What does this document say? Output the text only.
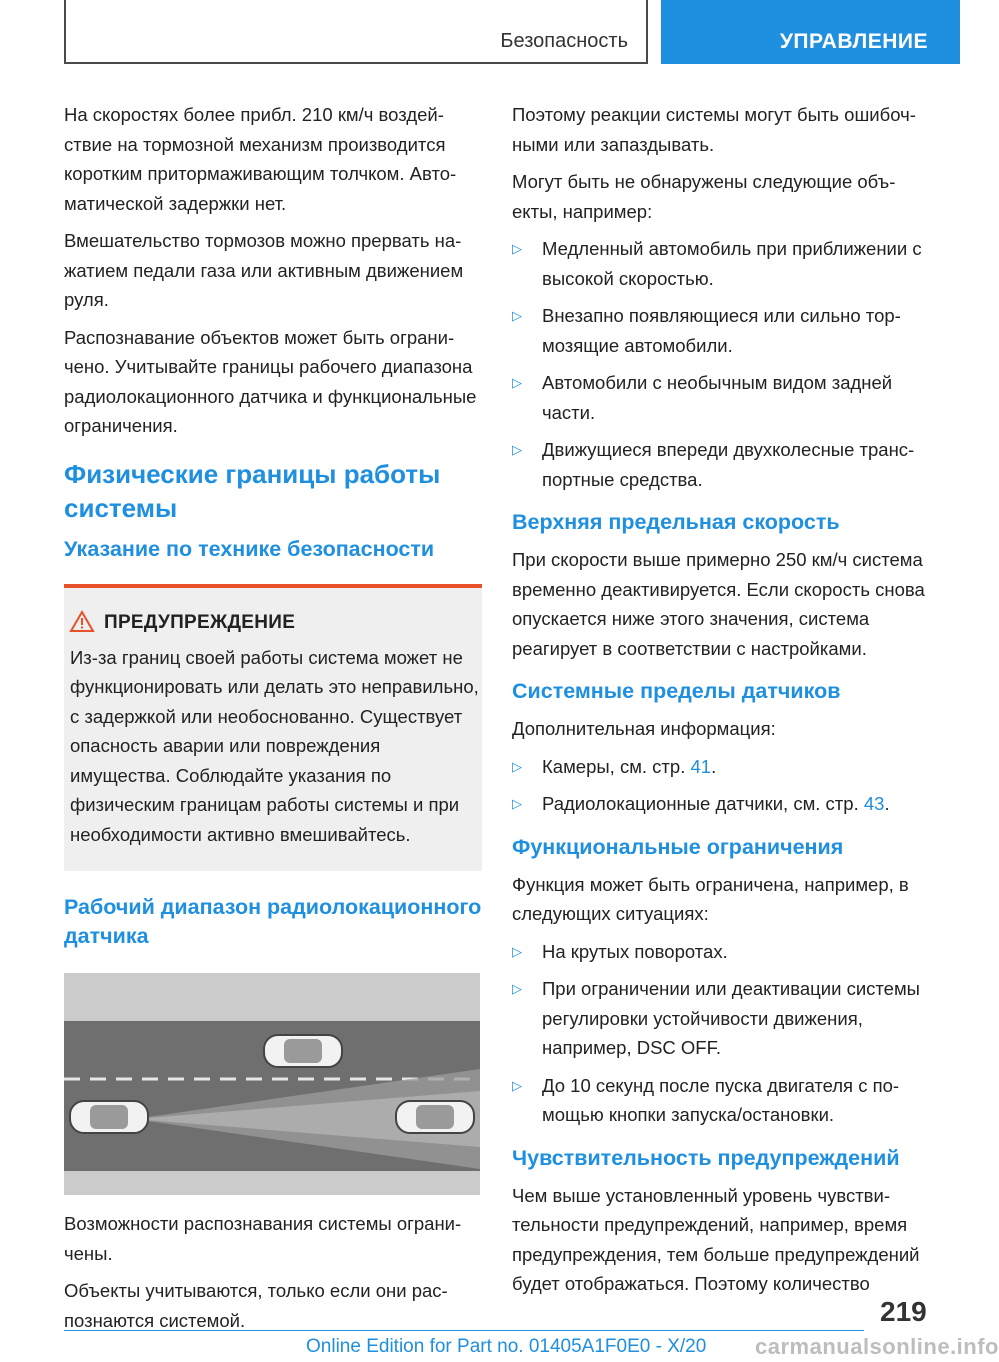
Безопасность	УПРАВЛЕНИЕ

На скоростях более прибл. 210 км/ч воздействие на тормозной механизм производится коротким притормаживающим толчком. Автоматической задержки нет.

Вмешательство тормозов можно прервать нажатием педали газа или активным движением руля.

Распознавание объектов может быть ограничено. Учитывайте границы рабочего диапазона радиолокационного датчика и функциональные ограничения.

Физические границы работы системы
Указание по технике безопасности
ПРЕДУПРЕЖДЕНИЕ

Из-за границ своей работы система может не функционировать или делать это неправильно, с задержкой или необоснованно. Существует опасность аварии или повреждения имущества. Соблюдайте указания по физическим границам работы системы и при необходимости активно вмешивайтесь.

Рабочий диапазон радиолокационного датчика

Возможности распознавания системы ограничены.

Объекты учитываются, только если они распознаются системой.

Поэтому реакции системы могут быть ошибочными или запаздывать.

Могут быть не обнаружены следующие объекты, например:

▷ Медленный автомобиль при приближении с высокой скоростью.
▷ Внезапно появляющиеся или сильно тормозящие автомобили.
▷ Автомобили с необычным видом задней части.
▷ Движущиеся впереди двухколесные транспортные средства.
Верхняя предельная скорость

При скорости выше примерно 250 км/ч система временно деактивируется. Если скорость снова опускается ниже этого значения, система реагирует в соответствии с настройками.

Системные пределы датчиков

Дополнительная информация:

▷ Камеры, см. стр. 41.
▷ Радиолокационные датчики, см. стр. 43.
Функциональные ограничения

Функция может быть ограничена, например, в следующих ситуациях:

▷ На крутых поворотах.
▷ При ограничении или деактивации системы регулировки устойчивости движения, например, DSC OFF.
▷ До 10 секунд после пуска двигателя с помощью кнопки запуска/остановки.
Чувствительность предупреждений

Чем выше установленный уровень чувствительности предупреждений, например, время предупреждения, тем больше предупреждений будет отображаться. Поэтому количество

219
Online Edition for Part no. 01405A1F0E0 - X/20 carmanualsonline.info
